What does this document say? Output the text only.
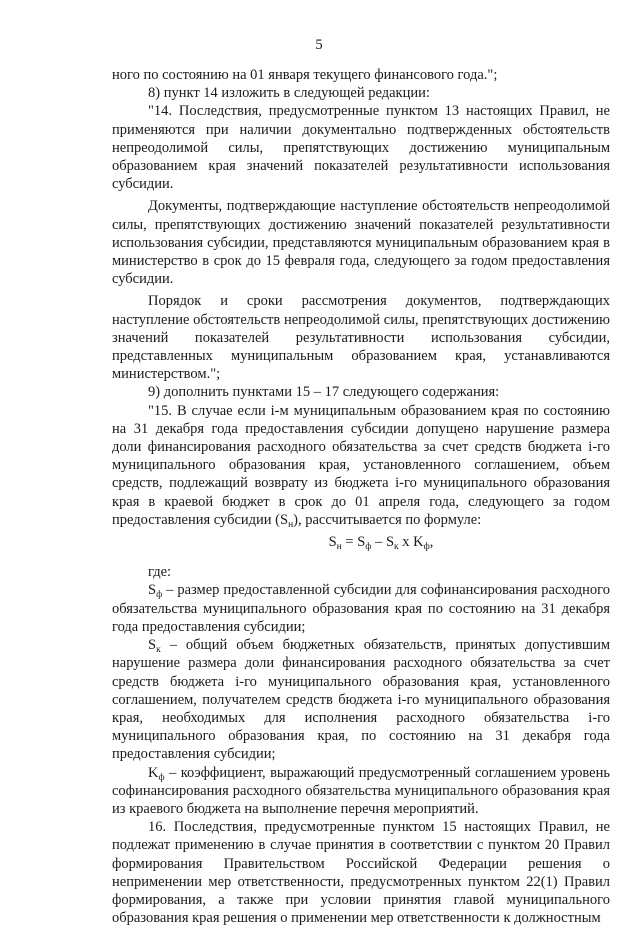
5

ного по состоянию на 01 января текущего финансового года.";

8) пункт 14 изложить в следующей редакции:

"14. Последствия, предусмотренные пунктом 13 настоящих Правил, не применяются при наличии документально подтвержденных обстоятельств непреодолимой силы, препятствующих достижению муниципальным образованием края значений показателей результативности использования субсидии.

Документы, подтверждающие наступление обстоятельств непреодолимой силы, препятствующих достижению значений показателей результативности использования субсидии, представляются муниципальным образованием края в министерство в срок до 15 февраля года, следующего за годом предоставления субсидии.

Порядок и сроки рассмотрения документов, подтверждающих наступление обстоятельств непреодолимой силы, препятствующих достижению значений показателей результативности использования субсидии, представленных муниципальным образованием края, устанавливаются министерством.";

9) дополнить пунктами 15 – 17 следующего содержания:

"15. В случае если i-м муниципальным образованием края по состоянию на 31 декабря года предоставления субсидии допущено нарушение размера доли финансирования расходного обязательства за счет средств бюджета i-го муниципального образования края, установленного соглашением, объем средств, подлежащий возврату из бюджета i-го муниципального образования края в краевой бюджет в срок до 01 апреля года, следующего за годом предоставления субсидии $(S_н)$, рассчитывается по формуле:

$S_н = S_ф - S_к$ x $K_ф$,

где:

$S_ф$ – размер предоставленной субсидии для софинансирования расходного обязательства муниципального образования края по состоянию на 31 декабря года предоставления субсидии;

$S_к$ – общий объем бюджетных обязательств, принятых допустившим нарушение размера доли финансирования расходного обязательства за счет средств бюджета i-го муниципального образования края, установленного соглашением, получателем средств бюджета i-го муниципального образования края, необходимых для исполнения расходного обязательства i-го муниципального образования края, по состоянию на 31 декабря года предоставления субсидии;

$K_ф$ – коэффициент, выражающий предусмотренный соглашением уровень софинансирования расходного обязательства муниципального образования края из краевого бюджета на выполнение перечня мероприятий.

16. Последствия, предусмотренные пунктом 15 настоящих Правил, не подлежат применению в случае принятия в соответствии с пунктом 20 Правил формирования Правительством Российской Федерации решения о неприменении мер ответственности, предусмотренных пунктом 22(1) Правил формирования, а также при условии принятия главой муниципального образования края решения о применении мер ответственности к должностным
